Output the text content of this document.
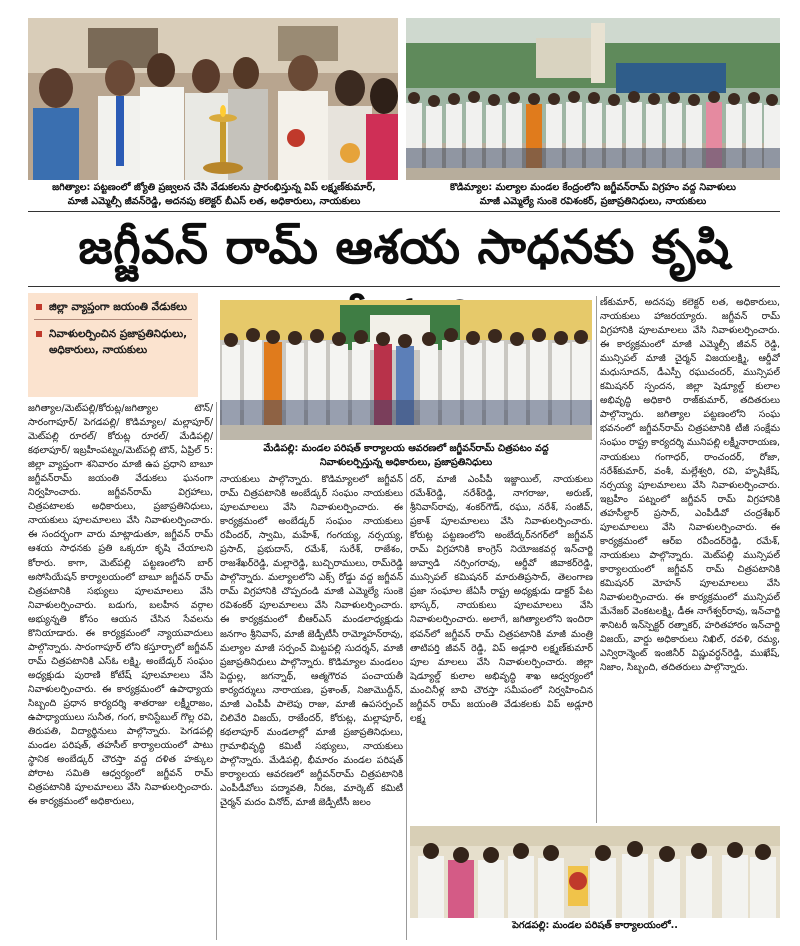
జగిత్యాల: పట్టణంలో జ్యోతి ప్రజ్వలన చేసి వేడుకలను ప్రారంభిస్తున్న విప్ లక్ష్మణ్‌కుమార్,
మాజీ ఎమ్మెల్సీ జీవన్‌రెడ్డి, అదనపు కలెక్టర్ బీఎస్ లత, అధికారులు, నాయకులు
కొడిమ్యాల: మల్యాల మండల కేంద్రంలోని జగ్జీవన్‌రామ్ విగ్రహం వద్ద నివాళులు
మాజీ ఎమ్మెల్యే సుంకె రవిశంకర్, ప్రజాప్రతినిధులు, నాయకులు
జగ్జీవన్ రామ్ ఆశయ సాధనకు కృషి
జిల్లా వ్యాప్తంగా జయంతి వేడుకలు
నివాళులర్పించిన ప్రజాప్రతినిధులు, అధికారులు, నాయకులు
మేడిపల్లి: మండల పరిషత్ కార్యాలయ ఆవరణలో జగ్జీవన్‌రామ్ చిత్రపటం వద్ద
నివాళులర్పిస్తున్న అధికారులు, ప్రజాప్రతినిధులు

జగిత్యాల/మెట్‌పల్లి/కోరుట్ల/జగిత్యాల టౌన్/ సారంగాపూర్/ పెగడపల్లి/ కొడిమ్యాల/ మల్లాపూర్/ మెట్‌పల్లి రూరల్/ కోరుట్ల రూరల్/ మేడిపల్లి/ కథలాపూర్/ ఇబ్రహీంపట్నం/మెట్‌పల్లి టౌన్, ఏప్రిల్ 5: జిల్లా వ్యాప్తంగా శనివారం మాజీ ఉప ప్రధాని బాబూ జగ్జీవన్‌రామ్ జయంతి వేడుకలు ఘనంగా నిర్వహించారు. జగ్జీవన్‌రామ్ విగ్రహాలు, చిత్రపటాలకు అధికారులు, ప్రజాప్రతినిధులు, నాయకులు పూలమాలలు వేసి నివాళులర్పించారు. ఈ సందర్భంగా వారు మాట్లాడుతూ, జగ్జీవన్ రామ్ ఆశయ సాధనకు ప్రతి ఒక్కరూ కృషి చేయాలని కోరారు. కాగా, మెట్‌పల్లి పట్టణంలోని బార్ అసోసియేషన్ కార్యాలయంలో బాబూ జగ్జీవన్ రామ్ చిత్రపటానికి సభ్యులు పూలమాలలు వేసి నివాళులర్పించారు. బడుగు, బలహీన వర్గాల అభ్యున్నతి కోసం ఆయన చేసిన సేవలను కొనియాడారు. ఈ కార్యక్రమంలో న్యాయవాదులు పాల్గొన్నారు. సారంగాపూర్ లోని కస్తూర్బాలో జగ్జీవన్ రామ్ చిత్రపటానికి ఎస్‌ఓ లక్ష్మి, అంబేడ్కర్ సంఘం అధ్యక్షుడు పురాణి కోటేష్ పూలమాలలు వేసి నివాళులర్పించారు. ఈ కార్యక్రమంలో ఉపాధ్యాయ సిబ్బంది ప్రధాన కార్యదర్శి శాతరాజు లక్ష్మీరాజం, ఉపాధ్యాయులు సునీత, గంగ, కానిస్టేబుల్ గొల్ల రవి, తిరుపతి, విద్యార్థినులు పాల్గొన్నారు. పెగడపల్లి మండల పరిషత్, తహసీల్ కార్యాలయంలో పాటు స్థానిక అంబేడ్కర్ చౌరస్తా వద్ద దళిత హక్కుల పోరాట సమితి ఆధ్వర్యంలో జగ్జీవన్ రామ్ చిత్రపటానికి పూలమాలలు వేసి నివాళులర్పించారు. ఈ కార్యక్రమంలో అధికారులు,

నాయకులు పాల్గొన్నారు. కొడిమ్యాలలో జగ్జీవన్ రామ్ చిత్రపటానికి అంబేడ్కర్ సంఘం నాయకులు పూలమాలలు వేసి నివాళులర్పించారు. ఈ కార్యక్రమంలో అంబేడ్కర్ సంఘం నాయకులు రవీందర్, స్వామి, మహేశ్, గంగయ్య, నర్సయ్య, ప్రసాద్, ప్రభుదాస్, రమేశ్, సురేశ్, రాజేశం, రాజశేఖర్‌రెడ్డి, మల్లారెడ్డి, బుచ్చిరాములు, రామ్‌రెడ్డి పాల్గొన్నారు. మల్యాలలోని ఎక్స్ రోడ్డు వద్ద జగ్జీవన్ రామ్ విగ్రహానికి చొప్పదండి మాజీ ఎమ్మెల్యే సుంకె రవిశంకర్ పూలమాలలు వేసి నివాళులర్పించారు. ఈ కార్యక్రమంలో బీఆర్ఎస్ మండలాధ్యక్షుడు జనగాం శ్రీనివాస్, మాజీ జెడ్పీటీసీ రామ్మోహన్‌రావు, మల్యాల మాజీ సర్పంచ్ మిట్టపల్లి సుదర్శన్, మాజీ ప్రజాప్రతినిధులు పాల్గొన్నారు. కొడిమ్యాల మండలం పెద్దుల్ల, జగన్నాథ్, ఆత్మగౌరవ పంచాయతీ కార్యదర్శులు నారాయణ, ప్రశాంత్, నిజామొద్దీన్, మాజీ ఎంపీపీ పాలెపు రాజు, మాజీ ఉపసర్పంచ్ చిలివేరి విజయ్, రాజేందర్, కోరుట్ల, మల్లాపూర్, కథలాపూర్ మండలాల్లో మాజీ ప్రజాప్రతినిధులు, గ్రామాభివృద్ధి కమిటీ సభ్యులు, నాయకులు పాల్గొన్నారు. మేడిపల్లి, భీమారం మండల పరిషత్ కార్యాలయ ఆవరణలో జగ్జీవన్‌రామ్ చిత్రపటానికి ఎంపీడీవోలు పద్మావతి, నీరజ, మార్కెట్ కమిటీ చైర్మన్ మదం వినోద్, మాజీ జెడ్పీటీసీ జలం

దర్, మాజీ ఎంపీపీ ఇజ్జాయిల్, నాయకులు రమేశ్‌రెడ్డి, నరేశ్‌రెడ్డి, నాగరాజు, అరుణ్, శ్రీనివాస్‌రావు, శంకర్‌గౌడ్, రఘు, నరేశ్, సంజీవ్, ప్రకాశ్ పూలమాలలు వేసి నివాళులర్పించారు. కోరుట్ల పట్టణంలోని అంబేద్కర్‌నగర్‌లో జగ్జీవన్ రామ్ విగ్రహానికి కాంగ్రెస్ నియోజకవర్గ ఇన్‌చార్జి జువ్వాడి నర్సింగరావు, ఆర్డీవో జివాకర్‌రెడ్డి, మున్సిపల్ కమిషనర్ మారుతిప్రసాద్, తెలంగాణ ప్రజా సంఘాల జేఏసీ రాష్ట్ర అధ్యక్షుడు డాక్టర్ పేట భాస్కర్, నాయకులు పూలమాలలు వేసి నివాళులర్పించారు. అలాగే, జగిత్యాలలోని ఇందిరా భవన్‌లో జగ్జీవన్ రామ్ చిత్రపటానికి మాజీ మంత్రి తాటిపర్తి జీవన్ రెడ్డి, విప్ అడ్లూరి లక్ష్మణ్‌కుమార్ పూల మాలలు వేసి నివాళులర్పించారు. జిల్లా షెడ్యూల్డ్ కులాల అభివృద్ధి శాఖ ఆధ్వర్యంలో మంచినీళ్ల బావి చౌరస్తా సమీపంలో నిర్వహించిన జగ్జీవన్ రామ్ జయంతి వేడుకలకు విప్ అడ్లూరి లక్ష్మ

ణ్‌కుమార్, అదనపు కలెక్టర్ లత, అధికారులు, నాయకులు హాజరయ్యారు. జగ్జీవన్ రామ్ విగ్రహానికి పూలమాలలు వేసి నివాళులర్పించారు. ఈ కార్యక్రమంలో మాజీ ఎమ్మెల్సీ జీవన్ రెడ్డి, మున్సిపల్ మాజీ చైర్మన్ విజయలక్ష్మి, ఆర్డీవో మధుసూదన్, డీఎస్పీ రఘుచందర్, మున్సిపల్ కమిషనర్ స్పందన, జిల్లా షెడ్యూల్డ్ కులాల అభివృద్ధి అధికారి రాజ్‌కుమార్, తదితరులు పాల్గొన్నారు. జగిత్యాల పట్టణంలోని సంఘ భవనంలో జగ్జీవన్‌రామ్ చిత్రపటానికి టీజీ సంక్షేమ సంఘం రాష్ట్ర కార్యదర్శి మునిపల్లి లక్ష్మీనారాయణ, నాయకులు గంగాధర్, రాంచందర్, రోజా, నరేశ్‌కుమార్, వంశీ, మల్లేశ్వరి, రవి, హృషికేష్, నర్సయ్య పూలమాలలు వేసి నివాళులర్పించారు. ఇబ్రహీం పట్నంలో జగ్జీవన్ రామ్ విగ్రహానికి తహసీల్దార్ ప్రసాద్, ఎంపీడీవో చంద్రశేఖర్ పూలమాలలు వేసి నివాళులర్పించారు. ఈ కార్యక్రమంలో ఆర్ఐ రవీందర్‌రెడ్డి, రమేశ్, నాయకులు పాల్గొన్నారు. మెట్‌పల్లి మున్సిపల్ కార్యాలయంలో జగ్జీవన్ రామ్ చిత్రపటానికి కమిషనర్ మోహన్ పూలమాలలు వేసి నివాళులర్పించారు. ఈ కార్యక్రమంలో మున్సిపల్ మేనేజర్ వెంకటలక్ష్మి, డీఈ నాగేశ్వర్‌రావు, ఇన్‌చార్జి శానిటరీ ఇన్‌స్పెక్టర్ రత్నాకర్, హరితహారం ఇన్‌చార్జి విజయ్, వార్డు అధికారులు నిఖిల్, రవళి, రమ్య, ఎన్విరాన్మెంట్ ఇంజినీర్ విష్ణువర్ధన్‌రెడ్డి, ముఖేష్, నిజాం, సిబ్బంది, తదితరులు పాల్గొన్నారు.

పెగడపల్లి: మండల పరిషత్ కార్యాలయంలో..
